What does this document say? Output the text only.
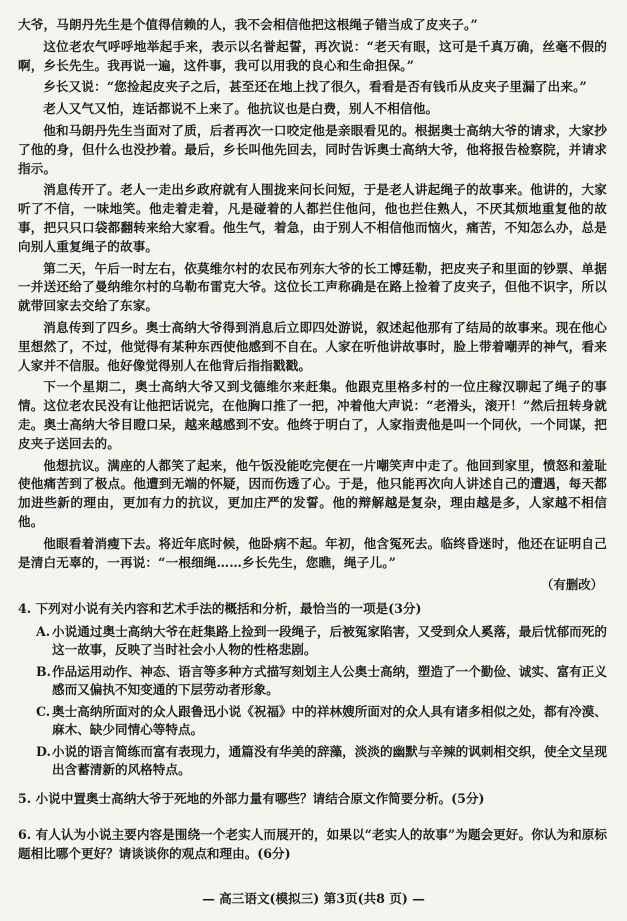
大爷，马朗丹先生是个值得信赖的人，我不会相信他把这根绳子错当成了皮夹子。”

这位老农气呼呼地举起手来，表示以名誉起誓，再次说：“老天有眼，这可是千真万确，丝毫不假的啊，乡长先生。我再说一遍，这件事，我可以用我的良心和生命担保。”

乡长又说：“您捡起皮夹子之后，甚至还在地上找了很久，看看是否有钱币从皮夹子里漏了出来。”

老人又气又怕，连话都说不上来了。他抗议也是白费，别人不相信他。

他和马朗丹先生当面对了质，后者再次一口咬定他是亲眼看见的。根据奥士高纳大爷的请求，大家抄了他的身，但什么也没抄着。最后，乡长叫他先回去，同时告诉奥士高纳大爷，他将报告检察院，并请求指示。

消息传开了。老人一走出乡政府就有人围拢来问长问短，于是老人讲起绳子的故事来。他讲的，大家听了不信，一味地笑。他走着走着，凡是碰着的人都拦住他问，他也拦住熟人，不厌其烦地重复他的故事，把只只口袋都翻转来给大家看。他生气，着急，由于别人不相信他而恼火，痛苦，不知怎么办，总是向别人重复绳子的故事。

第二天，午后一时左右，依莫维尔村的农民布列东大爷的长工博廷勒，把皮夹子和里面的钞票、单据一并送还给了曼纳维尔村的乌勒布雷克大爷。这位长工声称确是在路上捡着了皮夹子，但他不识字，所以就带回家去交给了东家。

消息传到了四乡。奥士高纳大爷得到消息后立即四处游说，叙述起他那有了结局的故事来。现在他心里想然了，不过，他觉得有某种东西使他感到不自在。人家在听他讲故事时，脸上带着嘲弄的神气，看来人家并不信服。他好像觉得别人在他背后指指戳戳。

下一个星期二，奥士高纳大爷又到戈德维尔来赶集。他跟克里格多村的一位庄稼汉聊起了绳子的事情。这位老农民没有让他把话说完，在他胸口推了一把，冲着他大声说：“老滑头，滚开！”然后扭转身就走。奥士高纳大爷目瞪口呆，越来越感到不安。他终于明白了，人家指责他是叫一个同伙，一个同谋，把皮夹子送回去的。

他想抗议。满座的人都笑了起来，他午饭没能吃完便在一片嘲笑声中走了。他回到家里，愤怒和羞耻使他痛苦到了极点。他遭到无端的怀疑，因而伤透了心。于是，他只能再次向人讲述自己的遭遇，每天都加进些新的理由，更加有力的抗议，更加庄严的发誓。他的辩解越是复杂，理由越是多，人家越不相信他。

他眼看着消瘦下去。将近年底时候，他卧病不起。年初，他含冤死去。临终昏迷时，他还在证明自己是清白无辜的，一再说：“一根细绳……乡长先生，您瞧，绳子儿。”

（有删改）
4. 下列对小说有关内容和艺术手法的概括和分析，最恰当的一项是(3分)
A. 小说通过奥士高纳大爷在赶集路上捡到一段绳子，后被冤家陷害，又受到众人奚落，最后忧郁而死的这一故事，反映了当时社会小人物的性格悲剧。
B. 作品运用动作、神态、语言等多种方式描写刻划主人公奥士高纳，塑造了一个勤俭、诚实、富有正义感而又偏执不知变通的下层劳动者形象。
C. 奥士高纳所面对的众人跟鲁迅小说《祝福》中的祥林嫂所面对的众人具有诸多相似之处，都有冷漠、麻木、缺少同情心等特点。
D. 小说的语言简练而富有表现力，通篇没有华美的辞藻，淡淡的幽默与辛辣的讽刺相交织，使全文呈现出含蓄清新的风格特点。
5. 小说中置奥士高纳大爷于死地的外部力量有哪些？请结合原文作简要分析。(5分)
6. 有人认为小说主要内容是围绕一个老实人而展开的，如果以“老实人的故事”为题会更好。你认为和原标题相比哪个更好？请谈谈你的观点和理由。(6分)
— 高三语文(模拟三) 第3页(共8 页) —
